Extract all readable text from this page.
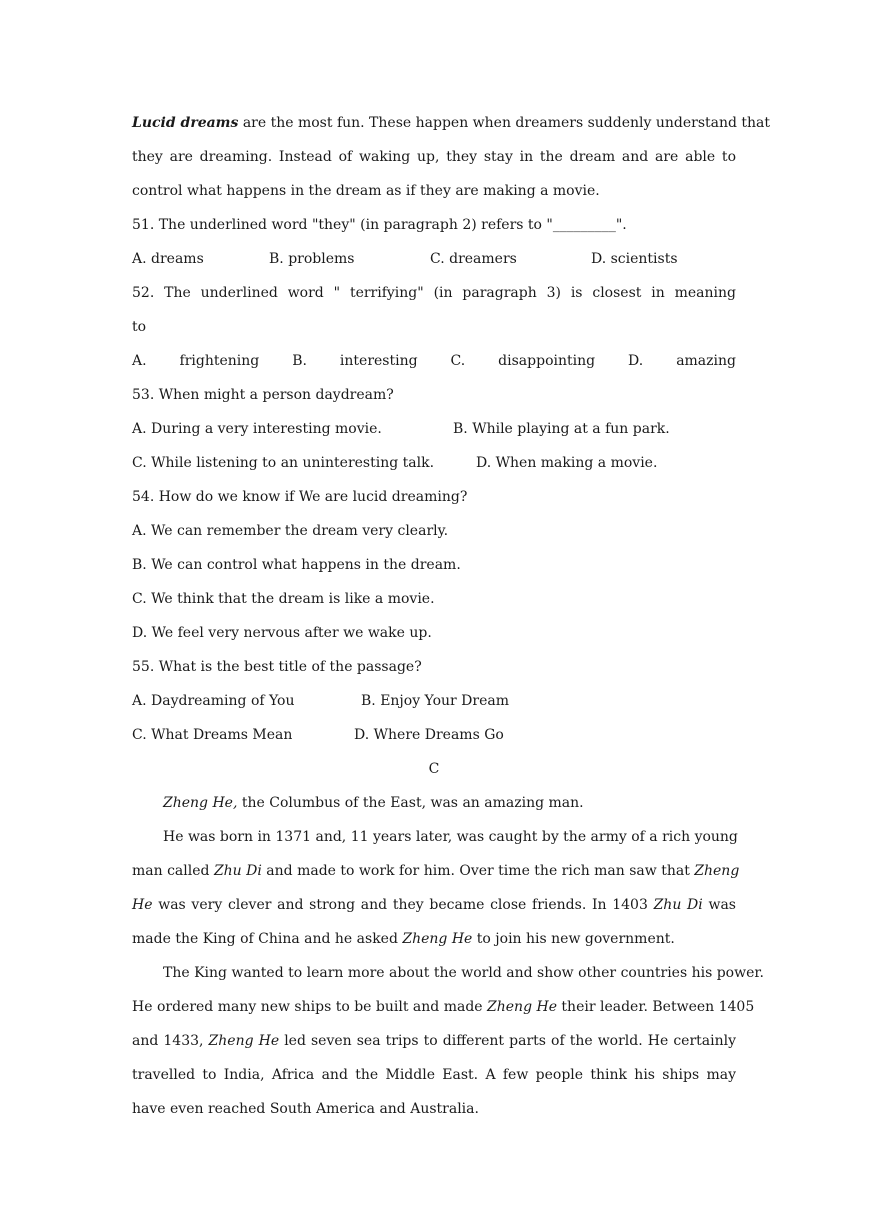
Lucid dreams are the most fun. These happen when dreamers suddenly understand that
they are dreaming. Instead of waking up, they stay in the dream and are able to
control what happens in the dream as if they are making a movie.
51. The underlined word "they" (in paragraph 2) refers to "_________".
A. dreams	B. problems	C. dreamers	D. scientists
52. The underlined word " terrifying" (in paragraph 3) is closest in meaning
to
A. frightening B. interesting C. disappointing D. amazing
53. When might a person daydream?
A. During a very interesting movie.	B. While playing at a fun park.
C. While listening to an uninteresting talk.	D. When making a movie.
54. How do we know if We are lucid dreaming?
A. We can remember the dream very clearly.
B. We can control what happens in the dream.
C. We think that the dream is like a movie.
D. We feel very nervous after we wake up.
55. What is the best title of the passage?
A. Daydreaming of You	B. Enjoy Your Dream
C. What Dreams Mean	D. Where Dreams Go
C
Zheng He, the Columbus of the East, was an amazing man.
He was born in 1371 and, 11 years later, was caught by the army of a rich young
man called Zhu Di and made to work for him. Over time the rich man saw that Zheng
He was very clever and strong and they became close friends. In 1403 Zhu Di was
made the King of China and he asked Zheng He to join his new government.
The King wanted to learn more about the world and show other countries his power.
He ordered many new ships to be built and made Zheng He their leader. Between 1405
and 1433, Zheng He led seven sea trips to different parts of the world. He certainly
travelled to India, Africa and the Middle East. A few people think his ships may
have even reached South America and Australia.
